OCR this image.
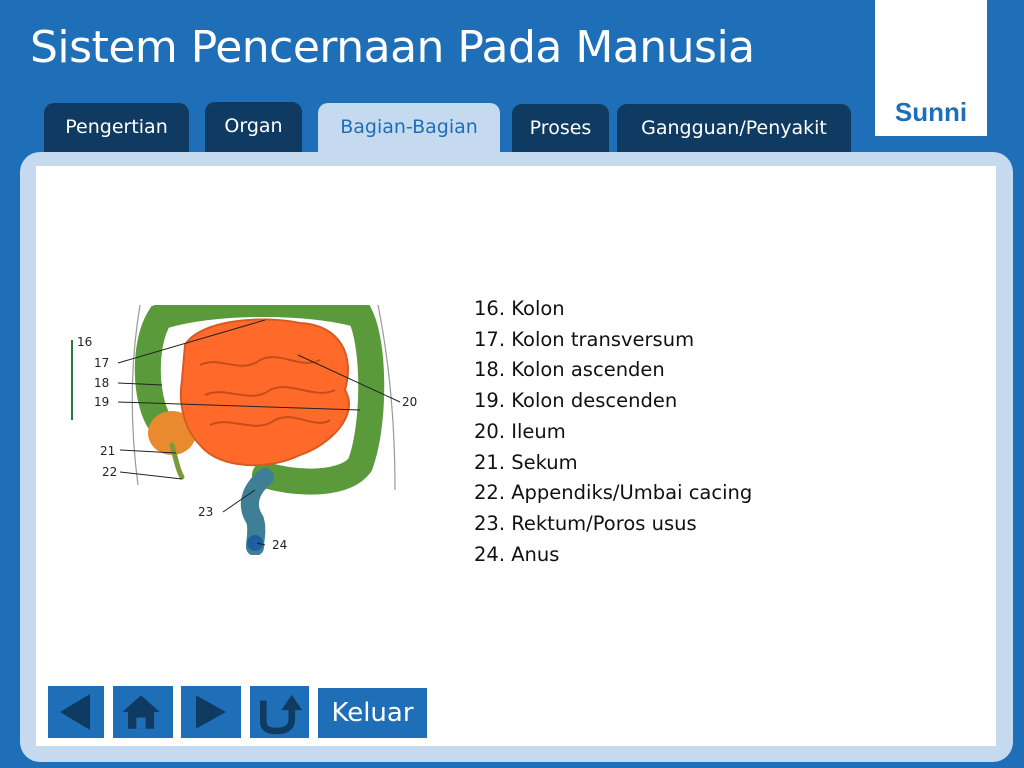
Sistem Pencernaan Pada Manusia
Sunni
Pengertian	Organ	Bagian-Bagian	Proses	Gangguan/Penyakit
16
17
18
19	20
21
22
23
24
16. Kolon
17. Kolon transversum
18. Kolon ascenden
19. Kolon descenden
20. Ileum
21. Sekum
22. Appendiks/Umbai cacing
23. Rektum/Poros usus
24. Anus
Keluar
